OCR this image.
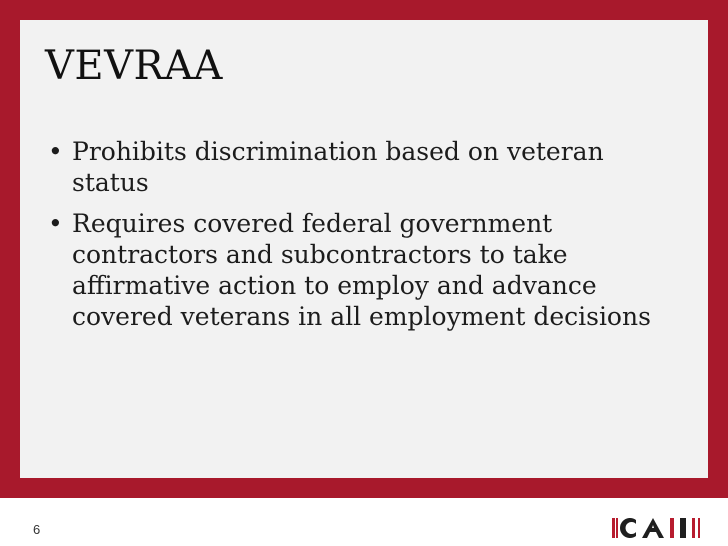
VEVRAA
• Prohibits discrimination based on veteran status
• Requires covered federal government contractors and subcontractors to take affirmative action to employ and advance covered veterans in all employment decisions
6
